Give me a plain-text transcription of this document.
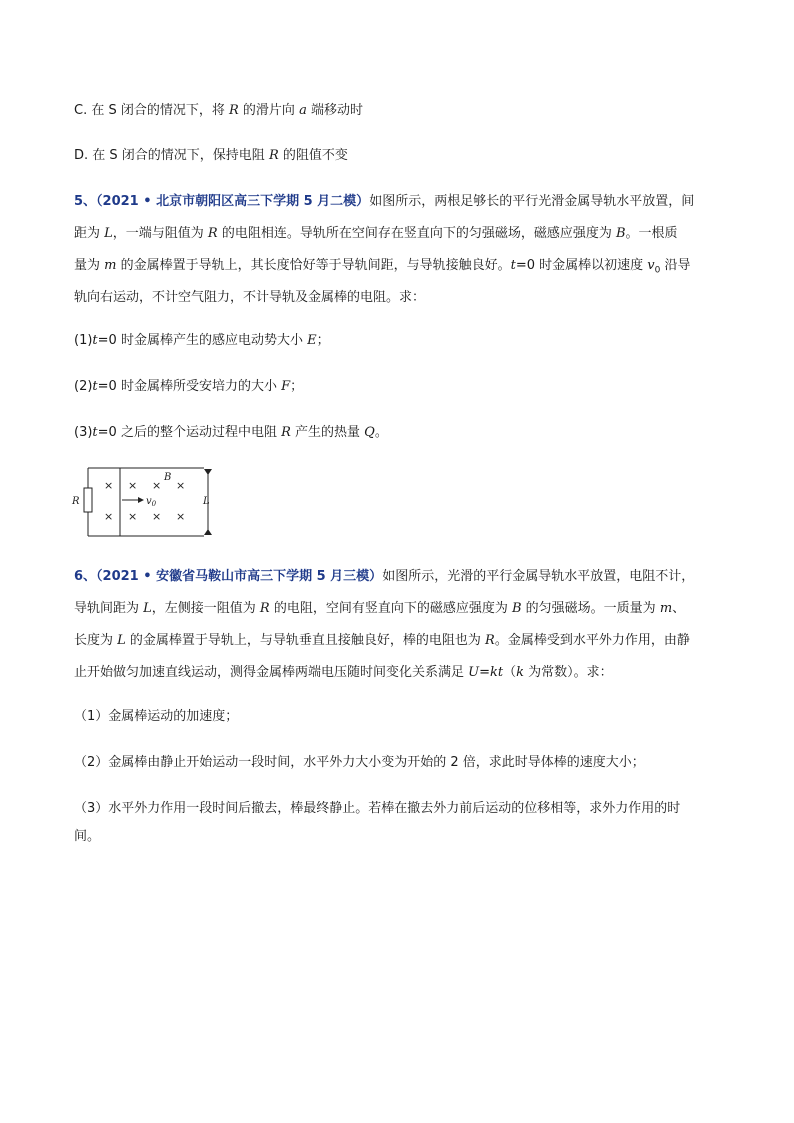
C. 在 S 闭合的情况下，将 R 的滑片向 a 端移动时
D. 在 S 闭合的情况下，保持电阻 R 的阻值不变
5、（2021 • 北京市朝阳区高三下学期 5 月二模）如图所示，两根足够长的平行光滑金属导轨水平放置，间
距为 L，一端与阻值为 R 的电阻相连。导轨所在空间存在竖直向下的匀强磁场，磁感应强度为 B。一根质
量为 m 的金属棒置于导轨上，其长度恰好等于导轨间距，与导轨接触良好。t=0 时金属棒以初速度 $v_0$ 沿导
轨向右运动，不计空气阻力，不计导轨及金属棒的电阻。求：
(1)t=0 时金属棒产生的感应电动势大小 E；
(2)t=0 时金属棒所受安培力的大小 F；
(3)t=0 之后的整个运动过程中电阻 R 产生的热量 Q。
R
B
$v_0$	L
× × × ×
× × × ×
6、（2021 • 安徽省马鞍山市高三下学期 5 月三模）如图所示，光滑的平行金属导轨水平放置，电阻不计，
导轨间距为 L，左侧接一阻值为 R 的电阻，空间有竖直向下的磁感应强度为 B 的匀强磁场。一质量为 m、
长度为 L 的金属棒置于导轨上，与导轨垂直且接触良好，棒的电阻也为 R。金属棒受到水平外力作用，由静
止开始做匀加速直线运动，测得金属棒两端电压随时间变化关系满足 U=kt（k 为常数）。求：
（1）金属棒运动的加速度；
（2）金属棒由静止开始运动一段时间，水平外力大小变为开始的 2 倍，求此时导体棒的速度大小；
（3）水平外力作用一段时间后撤去，棒最终静止。若棒在撤去外力前后运动的位移相等，求外力作用的时
间。
